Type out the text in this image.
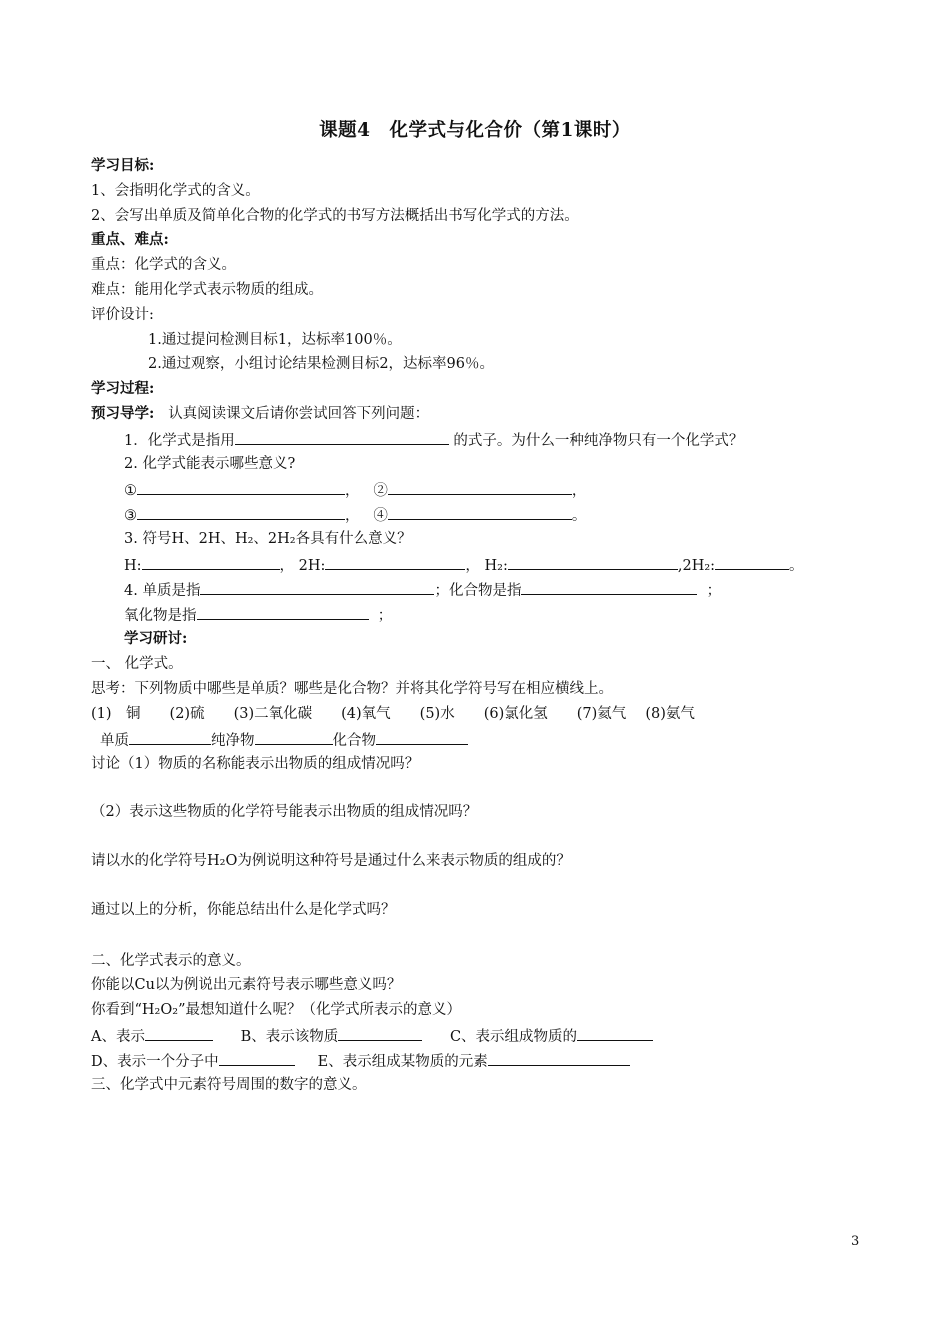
课题4　化学式与化合价（第1课时）
学习目标:
1、会指明化学式的含义。
2、会写出单质及简单化合物的化学式的书写方法概括出书写化学式的方法。
重点、难点:
重点：化学式的含义。
难点：能用化学式表示物质的组成。
评价设计:
1.通过提问检测目标1，达标率100％。
2.通过观察，小组讨论结果检测目标2，达标率96％。
学习过程:
预习导学: 认真阅读课文后请你尝试回答下列问题：
1．化学式是指用	的式子。为什么一种纯净物只有一个化学式？
2. 化学式能表示哪些意义?
①	， ②	，
③	， ④	。
3. 符号H、2H、H₂、2H₂各具有什么意义？
H:	， 2H:	， H₂:	,2H₂:	。
4. 单质是指	；化合物是指	；
氧化物是指	；
学习研讨:
一、 化学式。
思考：下列物质中哪些是单质？哪些是化合物？并将其化学符号写在相应横线上。
(1)　铜　　(2)硫　　(3)二氧化碳　　(4)氧气　　(5)水　　(6)氯化氢　　(7)氦气　 (8)氨气
单质	纯净物	化合物
讨论（1）物质的名称能表示出物质的组成情况吗？
（2）表示这些物质的化学符号能表示出物质的组成情况吗？
请以水的化学符号H₂O为例说明这种符号是通过什么来表示物质的组成的？
通过以上的分析，你能总结出什么是化学式吗？
二、化学式表示的意义。
你能以Cu以为例说出元素符号表示哪些意义吗？
你看到“H₂O₂”最想知道什么呢？（化学式所表示的意义）
A、表示	B、表示该物质	C、表示组成物质的
D、表示一个分子中	E、表示组成某物质的元素
三、化学式中元素符号周围的数字的意义。
3
